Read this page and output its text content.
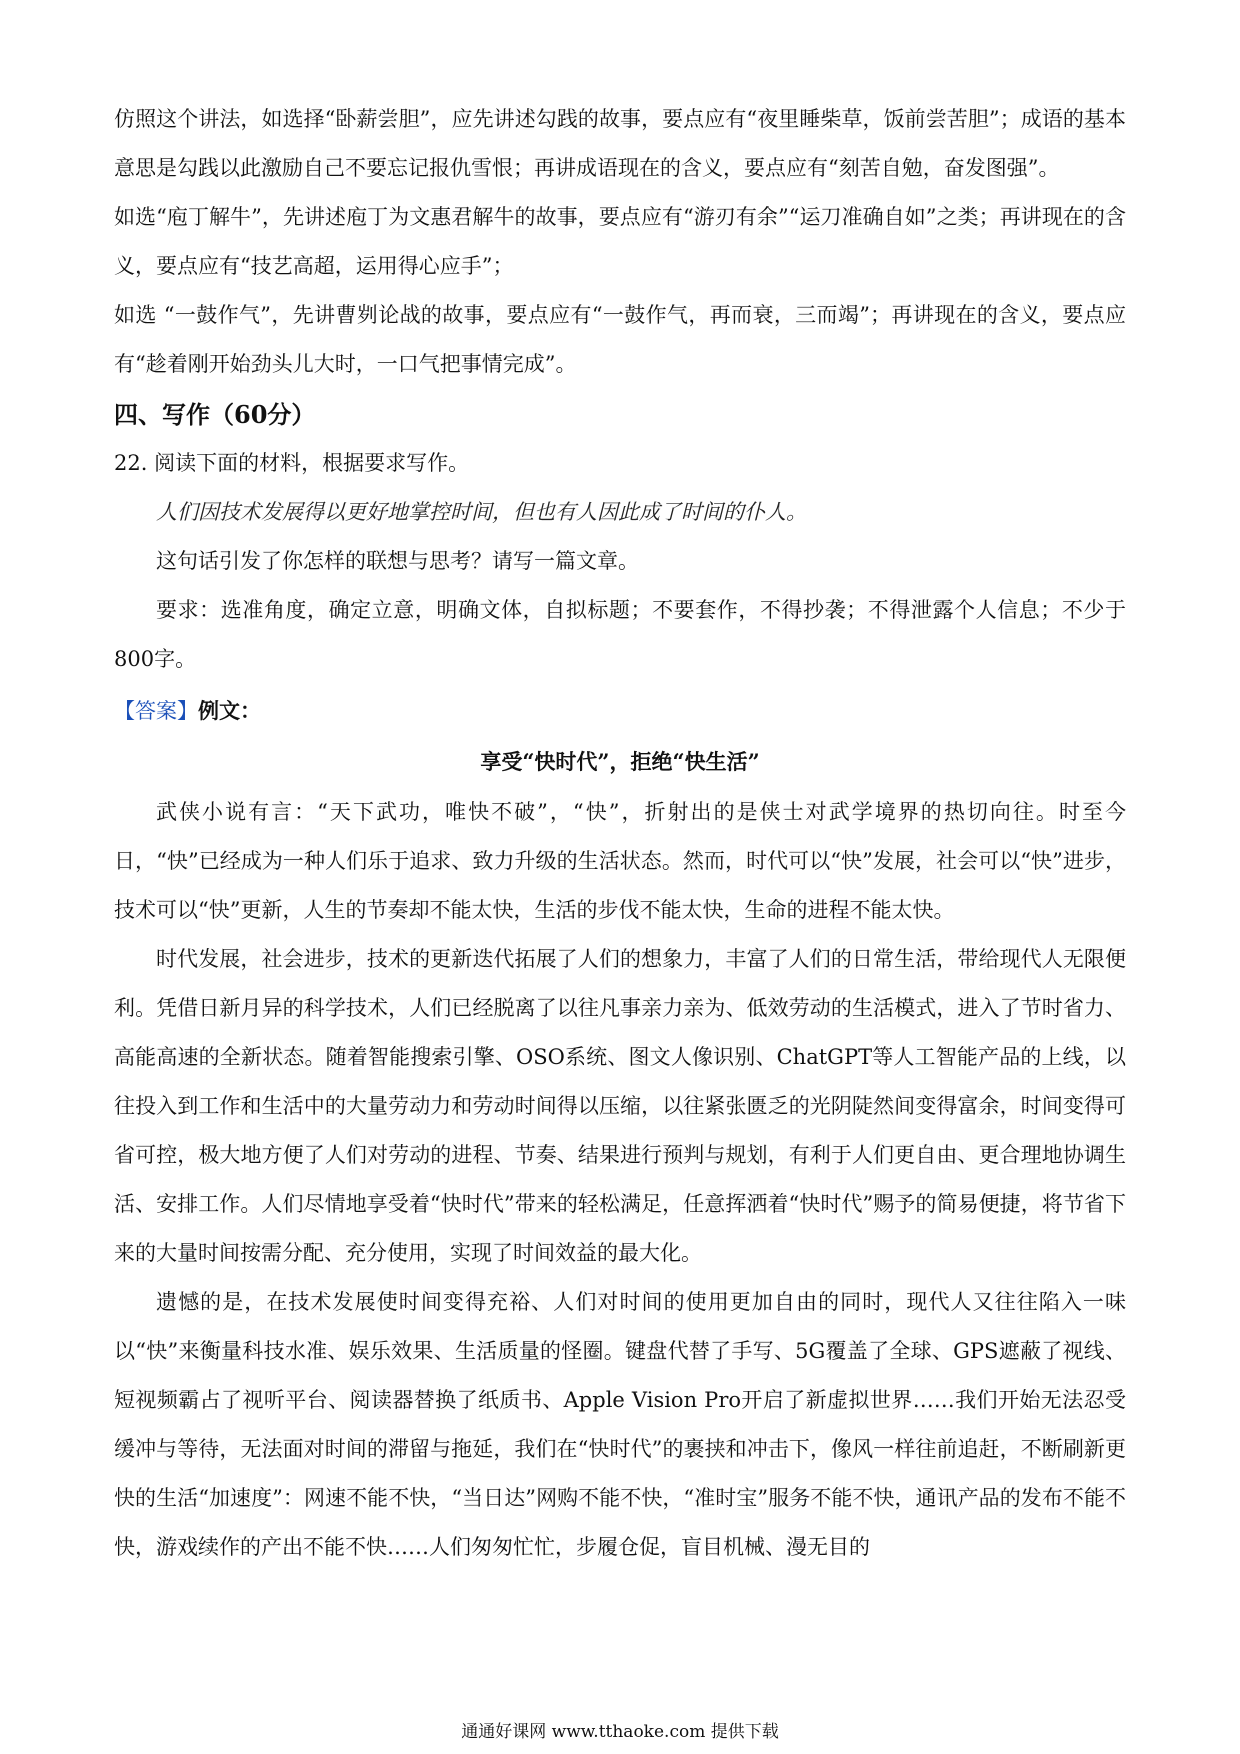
仿照这个讲法，如选择“卧薪尝胆”，应先讲述勾践的故事，要点应有“夜里睡柴草，饭前尝苦胆”；成语的基本意思是勾践以此激励自己不要忘记报仇雪恨；再讲成语现在的含义，要点应有“刻苦自勉，奋发图强”。

如选“庖丁解牛”，先讲述庖丁为文惠君解牛的故事，要点应有“游刃有余”“运刀准确自如”之类；再讲现在的含义，要点应有“技艺高超，运用得心应手”；

如选 “一鼓作气”，先讲曹刿论战的故事，要点应有“一鼓作气，再而衰，三而竭”；再讲现在的含义，要点应有“趁着刚开始劲头儿大时，一口气把事情完成”。

四、写作（60分）

22. 阅读下面的材料，根据要求写作。

人们因技术发展得以更好地掌控时间，但也有人因此成了时间的仆人。

这句话引发了你怎样的联想与思考？请写一篇文章。

要求：选准角度，确定立意，明确文体，自拟标题；不要套作，不得抄袭；不得泄露个人信息；不少于800字。

【答案】例文：

享受“快时代”，拒绝“快生活”

武侠小说有言：“天下武功，唯快不破”，“快”，折射出的是侠士对武学境界的热切向往。时至今日，“快”已经成为一种人们乐于追求、致力升级的生活状态。然而，时代可以“快”发展，社会可以“快”进步，技术可以“快”更新，人生的节奏却不能太快，生活的步伐不能太快，生命的进程不能太快。

时代发展，社会进步，技术的更新迭代拓展了人们的想象力，丰富了人们的日常生活，带给现代人无限便利。凭借日新月异的科学技术，人们已经脱离了以往凡事亲力亲为、低效劳动的生活模式，进入了节时省力、高能高速的全新状态。随着智能搜索引擎、OSO系统、图文人像识别、ChatGPT等人工智能产品的上线，以往投入到工作和生活中的大量劳动力和劳动时间得以压缩，以往紧张匮乏的光阴陡然间变得富余，时间变得可省可控，极大地方便了人们对劳动的进程、节奏、结果进行预判与规划，有利于人们更自由、更合理地协调生活、安排工作。人们尽情地享受着“快时代”带来的轻松满足，任意挥洒着“快时代”赐予的简易便捷，将节省下来的大量时间按需分配、充分使用，实现了时间效益的最大化。

遗憾的是，在技术发展使时间变得充裕、人们对时间的使用更加自由的同时，现代人又往往陷入一味以“快”来衡量科技水准、娱乐效果、生活质量的怪圈。键盘代替了手写、5G覆盖了全球、GPS遮蔽了视线、短视频霸占了视听平台、阅读器替换了纸质书、Apple Vision Pro开启了新虚拟世界……我们开始无法忍受缓冲与等待，无法面对时间的滞留与拖延，我们在“快时代”的裹挟和冲击下，像风一样往前追赶，不断刷新更快的生活“加速度”：网速不能不快，“当日达”网购不能不快，“准时宝”服务不能不快，通讯产品的发布不能不快，游戏续作的产出不能不快……人们匆匆忙忙，步履仓促，盲目机械、漫无目的

通通好课网 www.tthaoke.com 提供下载
